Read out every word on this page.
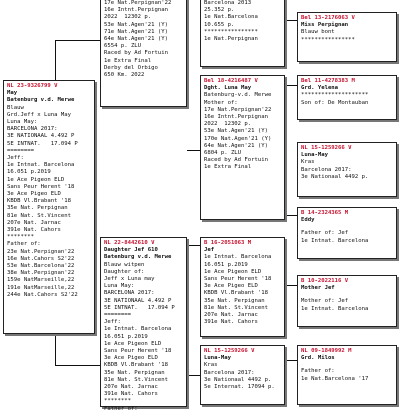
17e Nat.Perpignan'22
16e Intnt.Perpignan
2022  12302 p.
53e Nat.Agen'21 (Y)
71e Nat.Agen'21 (Y)
64e Nat.Agen'21 (Y)
6554 p. ZLU
Raced by Ad Fortuin
1e Extra Final
Derby del Orbigo
650 Km. 2022
Barcelona 2013
25.352 p.
1e Nat.Barcelona
10.655 p.
****************
1e Nat.Perpignan
NL 23-9326799 V
May
Batenburg v.d. Merwe
Blauw
Grd.Jeff x Luna May
Luna May:
BARCELONA 2017:
3E NATIONAAL 4.492 P
5E INTNAT.   17.094 P
========
Jeff:
1e Intnat. Barcelona
16.051 p.2019
1e Ace Pigeon ELD
Sans Peur Herent '18
3e Ace Pigeo ELD
KBDB Vl.Brabant '18
35e Nat. Perpignan
81e Nat. St.Vincent
207e Nat. Jarnac
391e Nat. Cahors
********
Father of:
23e Nat.Perpignan'22
16e Nat.Cahors S2'22
53e Nat.Barcelona'22
38e Nat.Perpignan'22
159e NatMarseille,22
191e NatMarseille,22
244e Nat.Cahors S2'22
NL 22-8442610 V
Daughter Jef 610
Batenburg v.d. Merwe
Blauw witpen
Daughter of:
Jeff x Luna may
Luna May:
BARCELONA 2017:
3E NATIONAAL 4.492 P
5E INTNAT.   17.094 P
========
Jeff:
1e Intnat. Barcelona
16.051 p.2019
1e Ace Pigeon ELD
Sans Peur Herent '18
3e Ace Pigeo ELD
KBDB Vl.Brabant '18
35e Nat. Perpignan
81e Nat. St.Vincent
207e Nat. Jarnac
391e Nat. Cahors
********
Father of:
Bel 18-4216487 V
Dght. Luna May
Batenburg-v.d. Merwe
Mother of:
17e Nat.Perpignan'22
16e Intnt.Perpignan
2022  12302 p.
53e Nat.Agen'21 (Y)
170e Nat.Agen'21 (Y)
64e Nat.Agen'21 (Y)
6804 p. ZLU
Raced by Ad Fortuin
1e Extra Final
B 16-2051063 M
Jef
1e Intnat. Barcelona
16.051 p.2019
1e Ace Pigeon ELD
Sans Peur Herent '18
3e Ace Pigeo ELD
KBDB Vl.Brabant '18
35e Nat. Perpignan
81e Nat. St.Vincent
207e Nat. Jarnac
391e Nat. Cahors
NL 15-1259266 V
Luna-May
Kras
Barcelona 2017:
3e Nationaal 4492 p.
5e Internat. 17094 p.
Bel 13-2176063 V
Miss Perpignan
Blauw bont
****************
Bel 11-4278383 M
Grd. Yelena
********************
Son of: De Montauban
NL 15-1259266 V
Luna-May
Kras
Barcelona 2017:
3e Nationaal 4492 p.
B 14-2324365 M
Eddy
Father of: Jef
1e Intnat. Barcelona
B 10-2022116 V
Mother Jef
Mother of: Jef
1e Intnat. Barcelona
NL 09-1849992 M
Grd. Milos
Father of:
1e Nat.Barcelona '17
